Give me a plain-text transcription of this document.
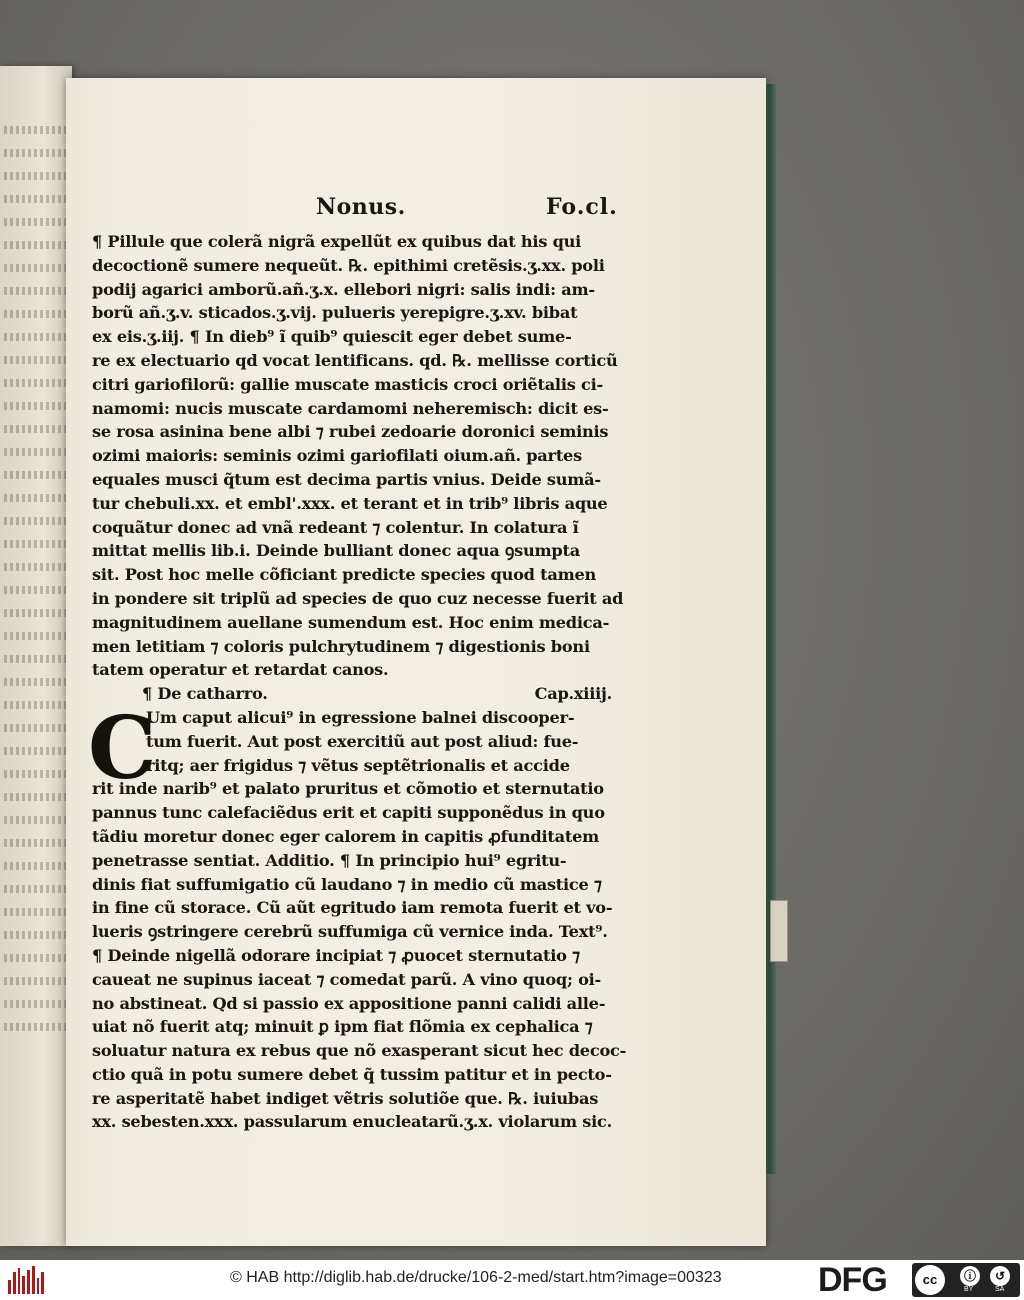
Nonus.	Fo.cl.
¶ Pillule que colerã nigrã expellũt ex quibus dat his qui
decoctionẽ sumere nequeũt. ℞. epithimi cretẽsis.ʒ.xx. poli
podij agarici amborũ.añ.ʒ.x. ellebori nigri: salis indi: am-
borũ añ.ʒ.v. sticados.ʒ.vij. pulueris yerepigre.ʒ.xv. bibat
ex eis.ʒ.iij. ¶ In dieb⁹ ĩ quib⁹ quiescit eger debet sume-
re ex electuario qd vocat lentificans. qd. ℞. mellisse corticũ
citri gariofilorũ: gallie muscate masticis croci oriẽtalis ci-
namomi: nucis muscate cardamomi neheremisch: dicit es-
se rosa asinina bene albi ⁊ rubei zedoarie doronici seminis
ozimi maioris: seminis ozimi gariofilati oium.añ. partes
equales musci q̃tum est decima partis vnius. Deide sumã-
tur chebuli.xx. et embl'.xxx. et terant et in trib⁹ libris aque
coquãtur donec ad vnã redeant ⁊ colentur. In colatura ĩ
mittat mellis lib.i. Deinde bulliant donec aqua ꝯsumpta
sit. Post hoc melle cõficiant predicte species quod tamen
in pondere sit triplũ ad species de quo cuz necesse fuerit ad
magnitudinem auellane sumendum est. Hoc enim medica-
men letitiam ⁊ coloris pulchrytudinem ⁊ digestionis boni
tatem operatur et retardat canos.
¶ De catharro.	Cap.xiiij.
C
Um caput alicui⁹ in egressione balnei discooper-
tum fuerit. Aut post exercitiũ aut post aliud: fue-
ritq; aer frigidus ⁊ vẽtus septẽtrionalis et accide
rit inde narib⁹ et palato pruritus et cõmotio et sternutatio
pannus tunc calefaciẽdus erit et capiti supponẽdus in quo
tãdiu moretur donec eger calorem in capitis ꝓfunditatem
penetrasse sentiat. Additio. ¶ In principio hui⁹ egritu-
dinis fiat suffumigatio cũ laudano ⁊ in medio cũ mastice ⁊
in fine cũ storace. Cũ aũt egritudo iam remota fuerit et vo-
lueris ꝯstringere cerebrũ suffumiga cũ vernice inda. Text⁹.
¶ Deinde nigellã odorare incipiat ⁊ ꝓuocet sternutatio ⁊
caueat ne supinus iaceat ⁊ comedat parũ. A vino quoq; oi-
no abstineat. Qd si passio ex appositione panni calidi alle-
uiat nõ fuerit atq; minuit ꝑ ipm fiat flõmia ex cephalica ⁊
soluatur natura ex rebus que nõ exasperant sicut hec decoc-
ctio quã in potu sumere debet q̃ tussim patitur et in pecto-
re asperitatẽ habet indiget vẽtris solutiõe que. ℞. iuiubas
xx. sebesten.xxx. passularum enucleatarũ.ʒ.x. violarum sic.
© HAB http://diglib.hab.de/drucke/106-2-med/start.htm?image=00323	DFG	cc	ⓘ	↺
BY	SA
